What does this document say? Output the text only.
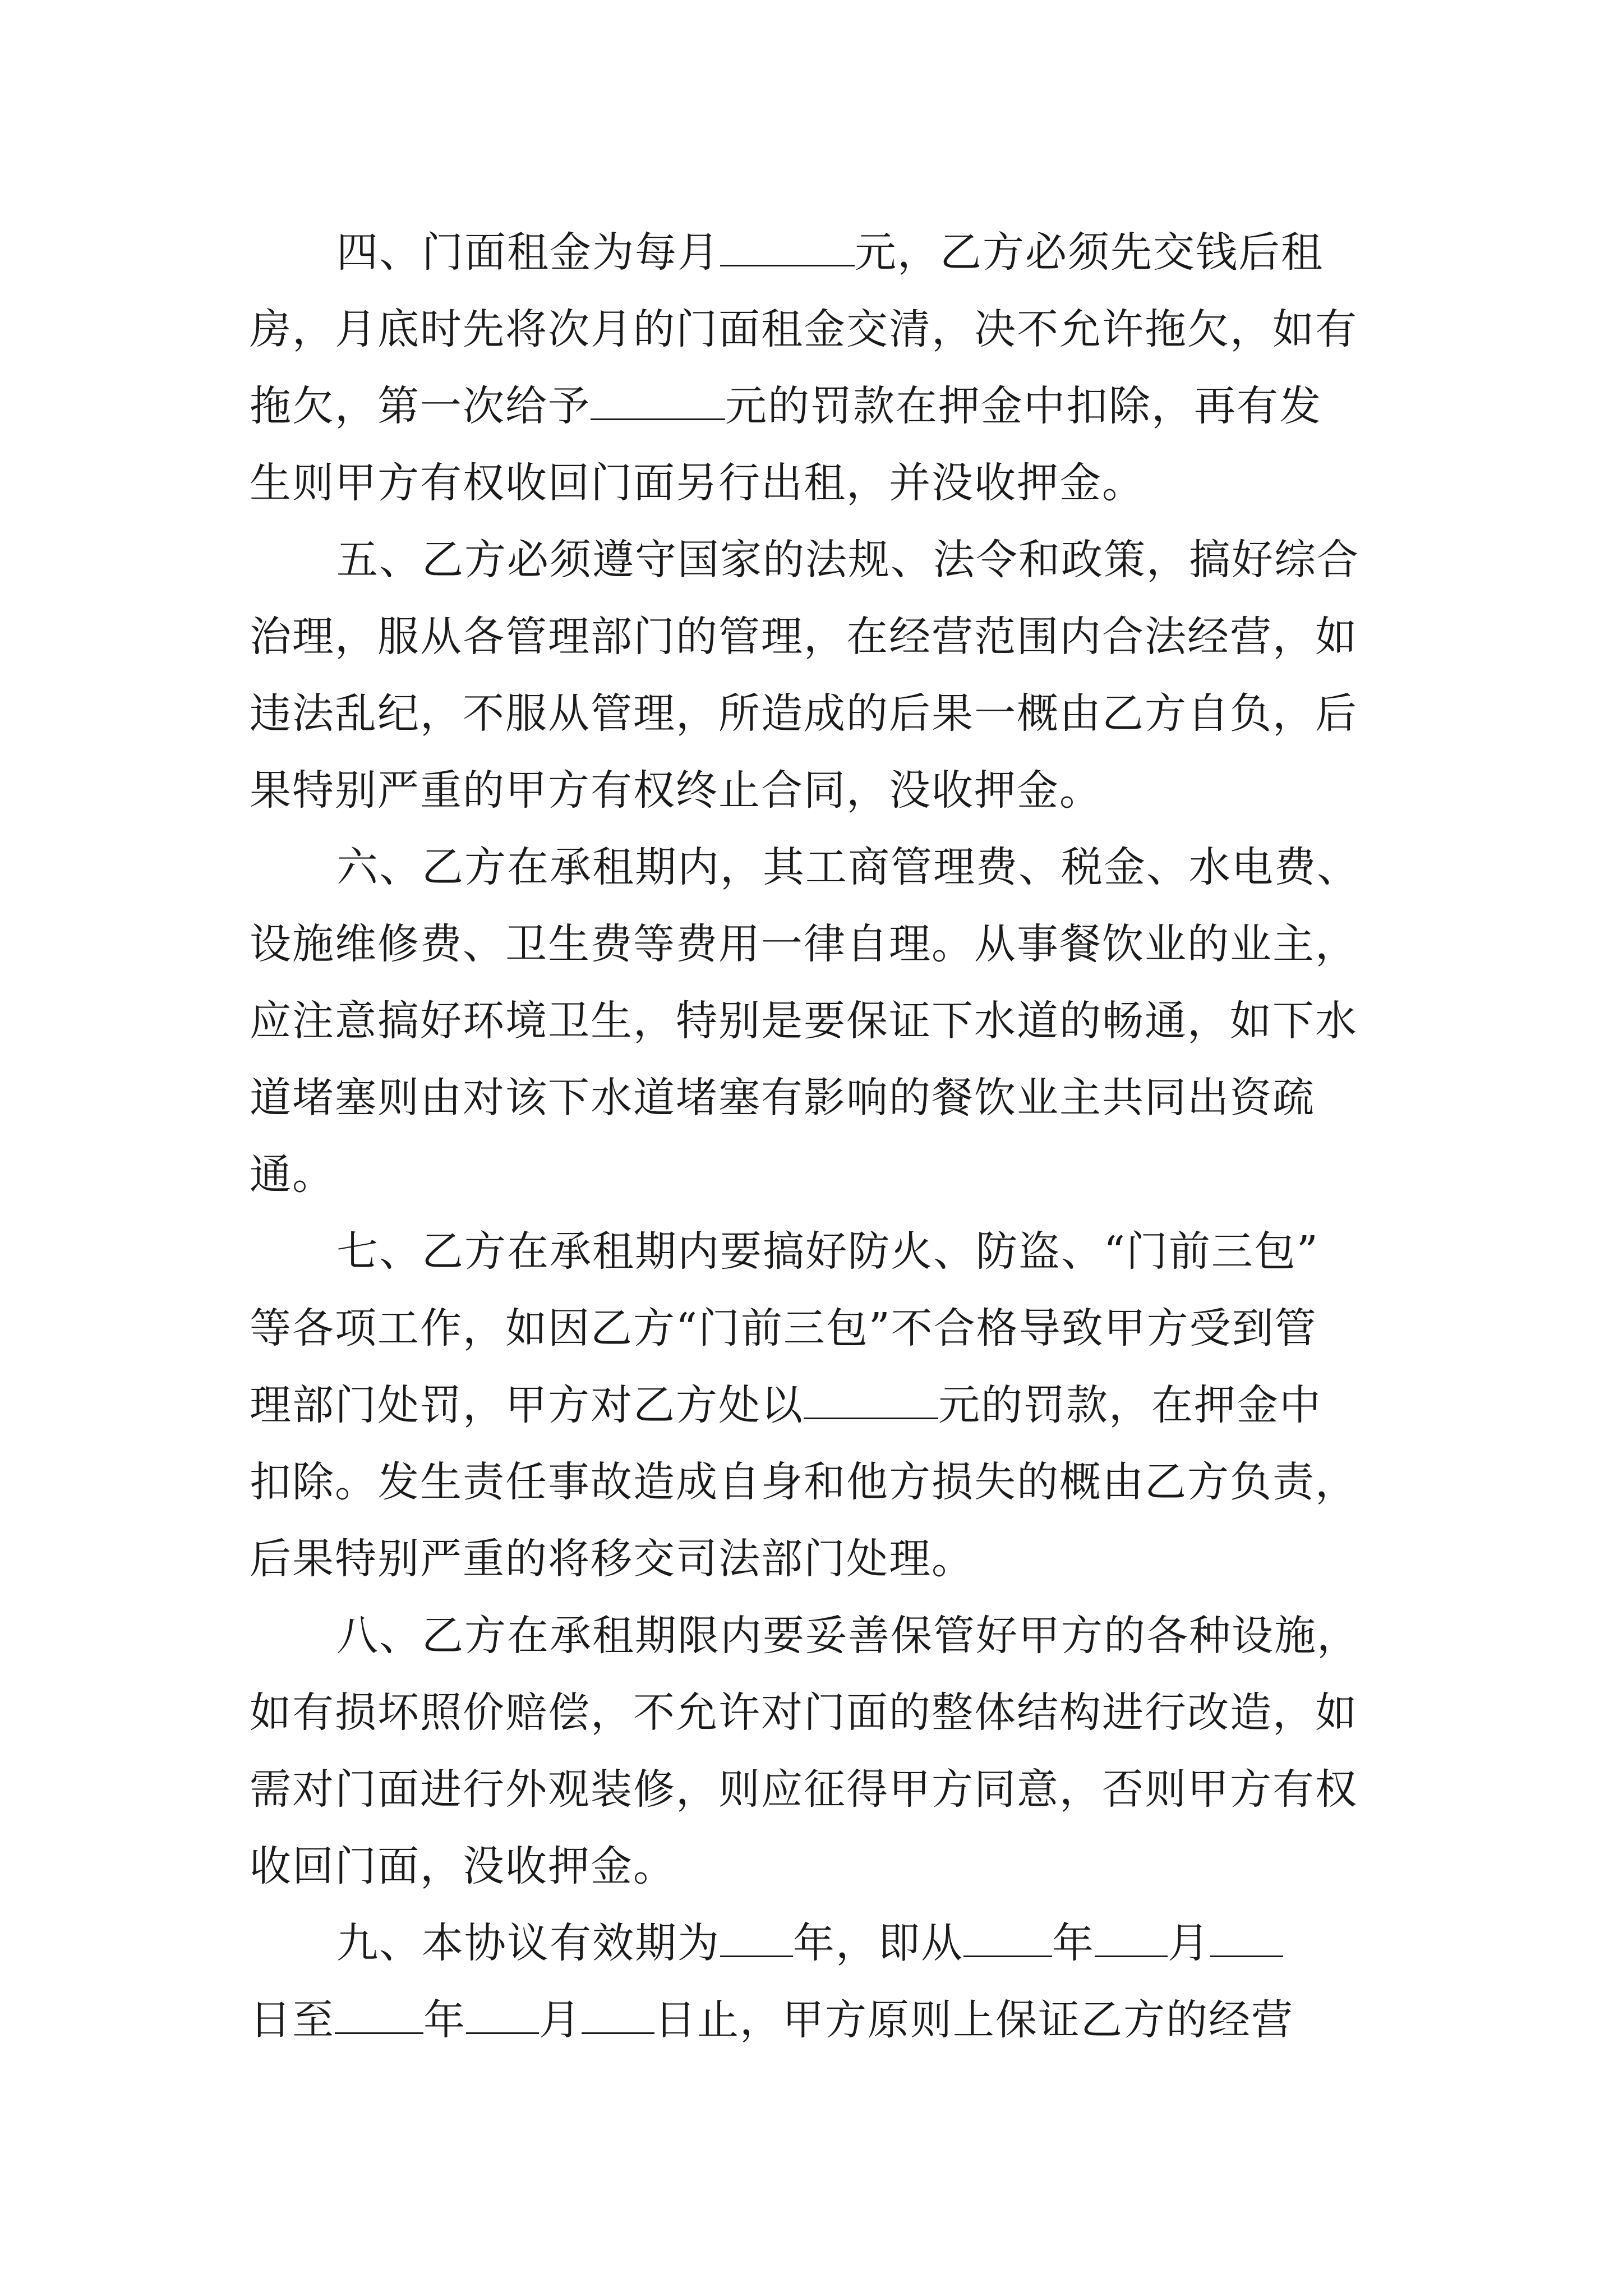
四、门面租金为每月	元，乙方必须先交钱后租
房，月底时先将次月的门面租金交清，决不允许拖欠，如有
拖欠，第一次给予	元的罚款在押金中扣除，再有发
生则甲方有权收回门面另行出租，并没收押金。
五、乙方必须遵守国家的法规、法令和政策，搞好综合
治理，服从各管理部门的管理，在经营范围内合法经营，如
违法乱纪，不服从管理，所造成的后果一概由乙方自负，后
果特别严重的甲方有权终止合同，没收押金。
六、乙方在承租期内，其工商管理费、税金、水电费、
设施维修费、卫生费等费用一律自理。从事餐饮业的业主，
应注意搞好环境卫生，特别是要保证下水道的畅通，如下水
道堵塞则由对该下水道堵塞有影响的餐饮业主共同出资疏
通。
七、乙方在承租期内要搞好防火、防盗、“门前三包”
等各项工作，如因乙方“门前三包”不合格导致甲方受到管
理部门处罚，甲方对乙方处以	元的罚款，在押金中
扣除。发生责任事故造成自身和他方损失的概由乙方负责，
后果特别严重的将移交司法部门处理。
八、乙方在承租期限内要妥善保管好甲方的各种设施，
如有损坏照价赔偿，不允许对门面的整体结构进行改造，如
需对门面进行外观装修，则应征得甲方同意，否则甲方有权
收回门面，没收押金。
九、本协议有效期为 年，即从 年 月
日至 年 月 日止，甲方原则上保证乙方的经营
